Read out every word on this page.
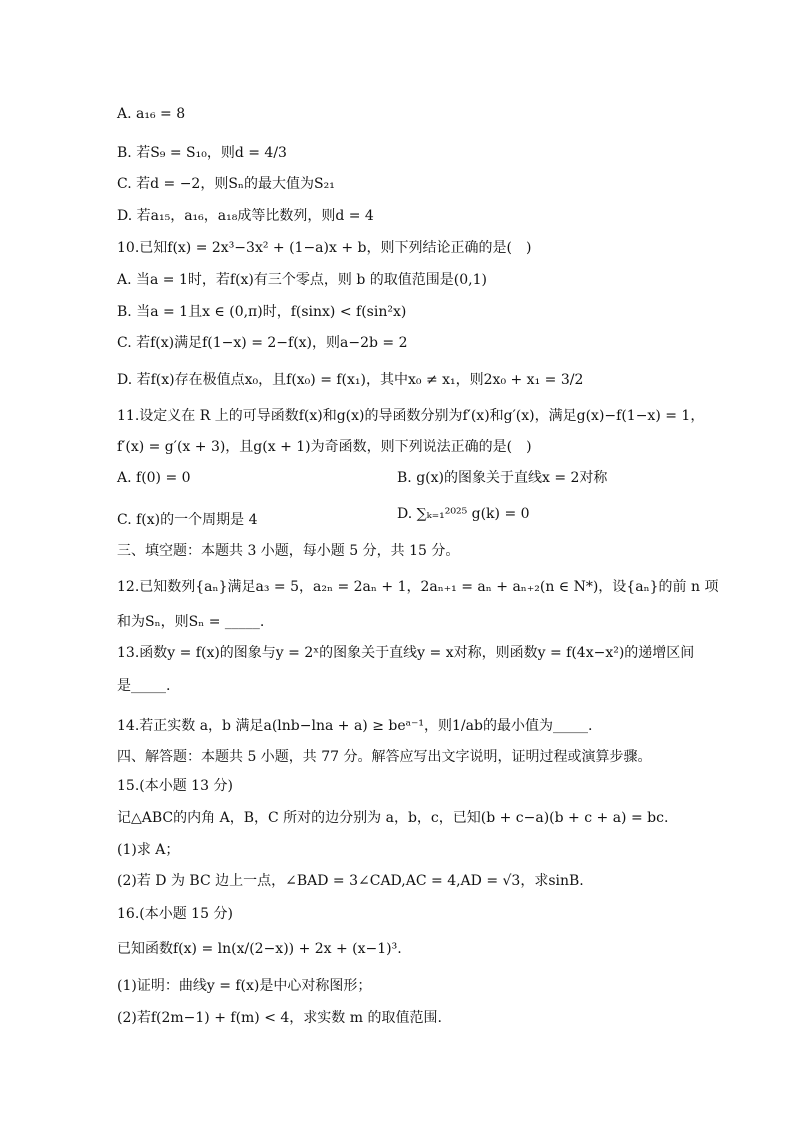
A. a₁₆ = 8
B. 若S₉ = S₁₀，则d = 4/3
C. 若d = −2，则Sₙ的最大值为S₂₁
D. 若a₁₅，a₁₆，a₁₈成等比数列，则d = 4
10.已知f(x) = 2x³−3x² + (1−a)x + b，则下列结论正确的是(　)
A. 当a = 1时，若f(x)有三个零点，则 b 的取值范围是(0,1)
B. 当a = 1且x ∈ (0,π)时，f(sinx) < f(sin²x)
C. 若f(x)满足f(1−x) = 2−f(x)，则a−2b = 2
D. 若f(x)存在极值点x₀，且f(x₀) = f(x₁)，其中x₀ ≠ x₁，则2x₀ + x₁ = 3/2
11.设定义在 R 上的可导函数f(x)和g(x)的导函数分别为f′(x)和g′(x)，满足g(x)−f(1−x) = 1，
f′(x) = g′(x + 3)，且g(x + 1)为奇函数，则下列说法正确的是(　)
A. f(0) = 0	B. g(x)的图象关于直线x = 2对称
C. f(x)的一个周期是 4	D. ∑ₖ₌₁²⁰²⁵ g(k) = 0
三、填空题：本题共 3 小题，每小题 5 分，共 15 分。
12.已知数列{aₙ}满足a₃ = 5，a₂ₙ = 2aₙ + 1，2aₙ₊₁ = aₙ + aₙ₊₂(n ∈ N*)，设{aₙ}的前 n 项
和为Sₙ，则Sₙ = _____.
13.函数y = f(x)的图象与y = 2ˣ的图象关于直线y = x对称，则函数y = f(4x−x²)的递增区间
是_____.
14.若正实数 a，b 满足a(lnb−lna + a) ≥ beᵃ⁻¹，则1/ab的最小值为_____.
四、解答题：本题共 5 小题，共 77 分。解答应写出文字说明，证明过程或演算步骤。
15.(本小题 13 分)
记△ABC的内角 A，B，C 所对的边分别为 a，b，c，已知(b + c−a)(b + c + a) = bc.
(1)求 A；
(2)若 D 为 BC 边上一点，∠BAD = 3∠CAD,AC = 4,AD = √3，求sinB.
16.(本小题 15 分)
已知函数f(x) = ln(x/(2−x)) + 2x + (x−1)³.
(1)证明：曲线y = f(x)是中心对称图形；
(2)若f(2m−1) + f(m) < 4，求实数 m 的取值范围.
